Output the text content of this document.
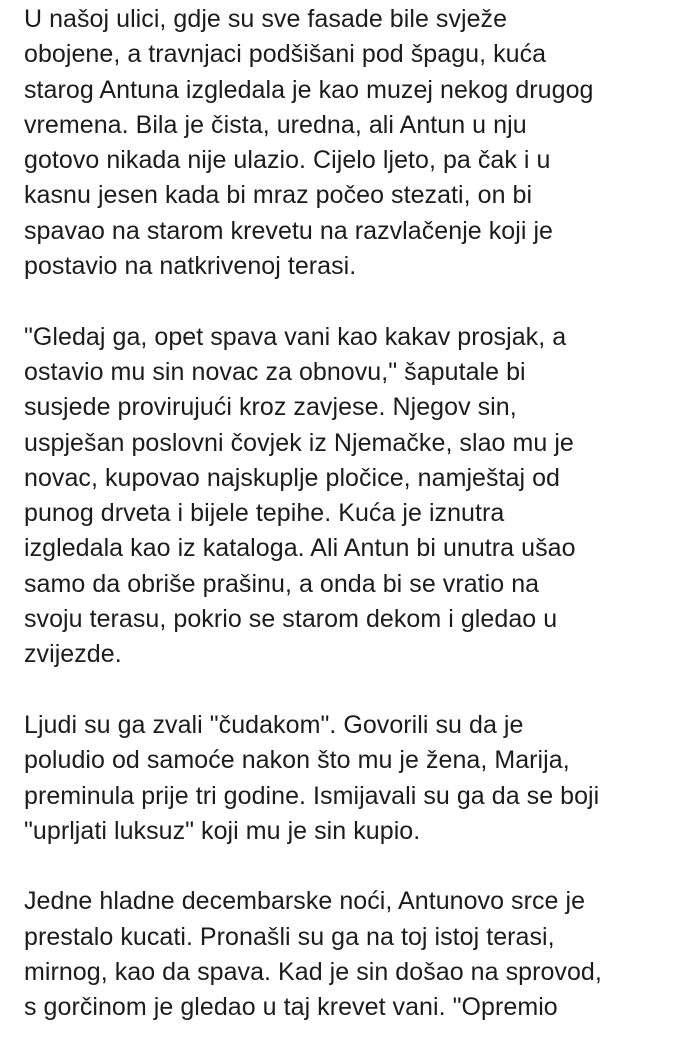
U našoj ulici, gdje su sve fasade bile svježe
obojene, a travnjaci podšišani pod špagu, kuća
starog Antuna izgledala je kao muzej nekog drugog
vremena. Bila je čista, uredna, ali Antun u nju
gotovo nikada nije ulazio. Cijelo ljeto, pa čak i u
kasnu jesen kada bi mraz počeo stezati, on bi
spavao na starom krevetu na razvlačenje koji je
postavio na natkrivenoj terasi.

"Gledaj ga, opet spava vani kao kakav prosjak, a
ostavio mu sin novac za obnovu," šaputale bi
susjede provirujući kroz zavjese. Njegov sin,
uspješan poslovni čovjek iz Njemačke, slao mu je
novac, kupovao najskuplje pločice, namještaj od
punog drveta i bijele tepihe. Kuća je iznutra
izgledala kao iz kataloga. Ali Antun bi unutra ušao
samo da obriše prašinu, a onda bi se vratio na
svoju terasu, pokrio se starom dekom i gledao u
zvijezde.

Ljudi su ga zvali "čudakom". Govorili su da je
poludio od samoće nakon što mu je žena, Marija,
preminula prije tri godine. Ismijavali su ga da se boji
"uprljati luksuz" koji mu je sin kupio.

Jedne hladne decembarske noći, Antunovo srce je
prestalo kucati. Pronašli su ga na toj istoj terasi,
mirnog, kao da spava. Kad je sin došao na sprovod,
s gorčinom je gledao u taj krevet vani. "Opremio
